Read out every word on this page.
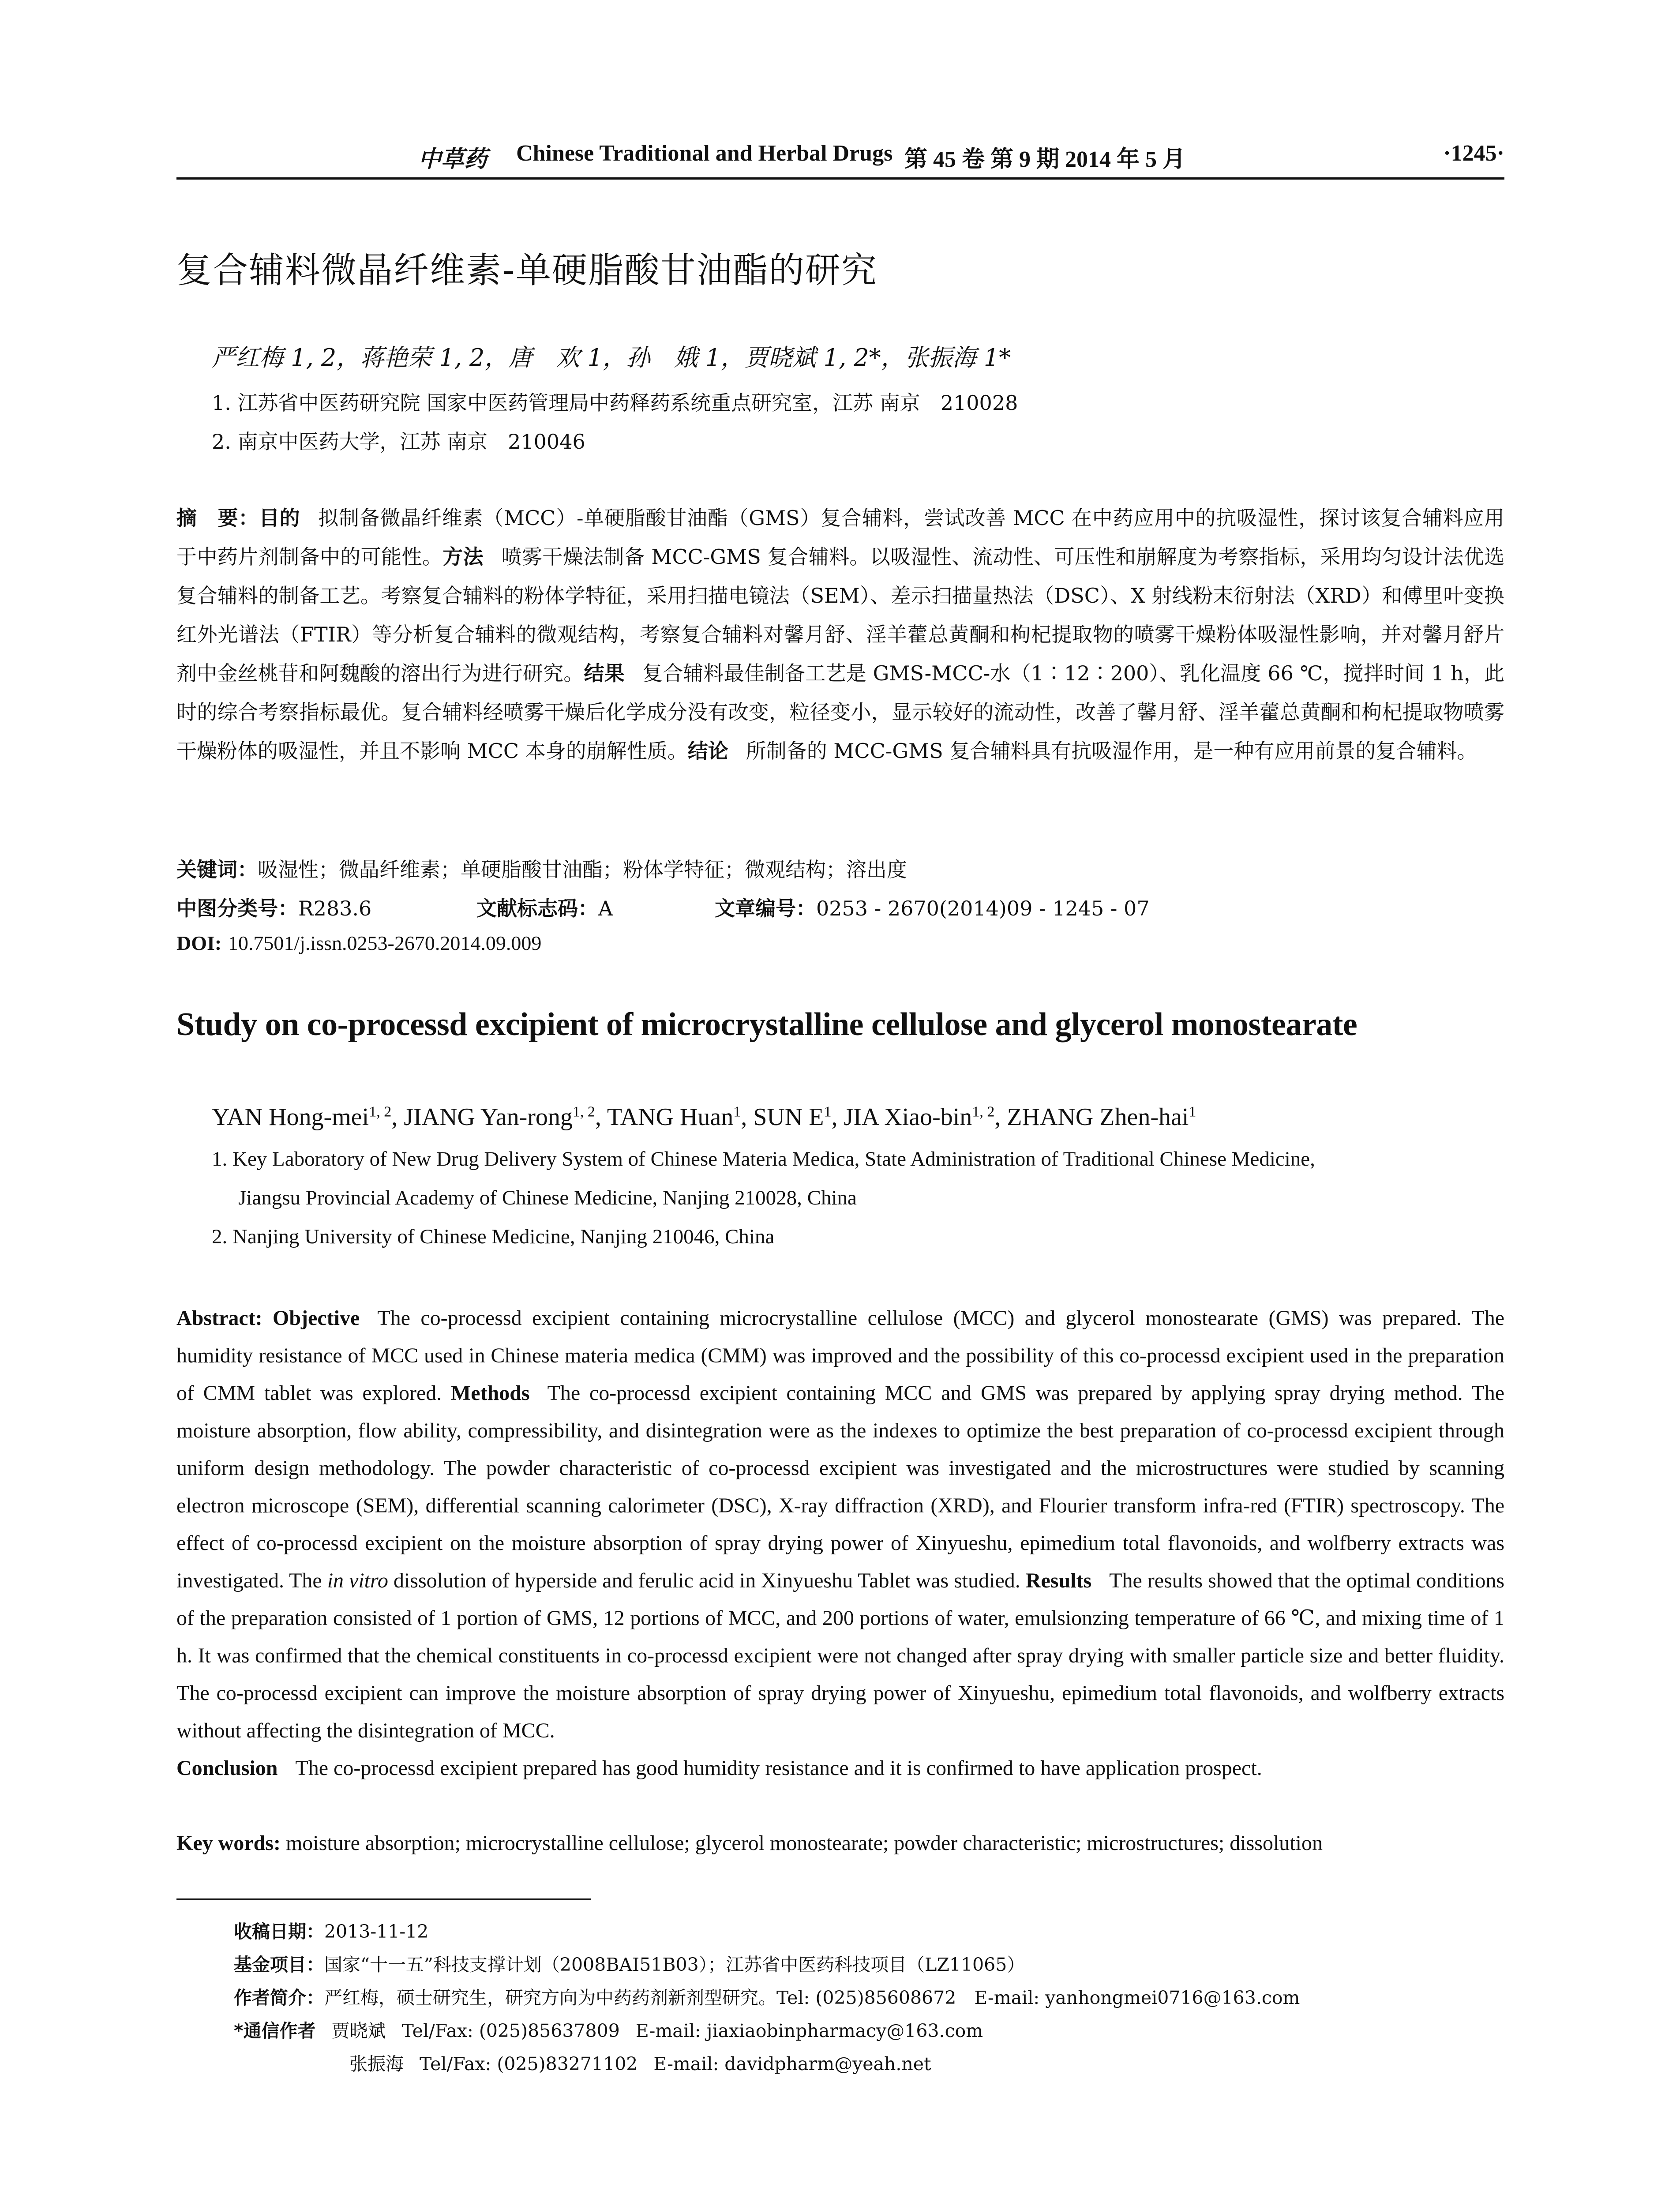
中草药 Chinese Traditional and Herbal Drugs 第 45 卷 第 9 期 2014 年 5 月	·1245·
复合辅料微晶纤维素-单硬脂酸甘油酯的研究
严红梅 1, 2，蒋艳荣 1, 2，唐　欢 1，孙　娥 1，贾晓斌 1, 2*，张振海 1*
1. 江苏省中医药研究院 国家中医药管理局中药释药系统重点研究室，江苏 南京　210028
2. 南京中医药大学，江苏 南京　210046
摘　要：目的 拟制备微晶纤维素（MCC）-单硬脂酸甘油酯（GMS）复合辅料，尝试改善 MCC 在中药应用中的抗吸湿性，探讨该复合辅料应用于中药片剂制备中的可能性。方法 喷雾干燥法制备 MCC-GMS 复合辅料。以吸湿性、流动性、可压性和崩解度为考察指标，采用均匀设计法优选复合辅料的制备工艺。考察复合辅料的粉体学特征，采用扫描电镜法（SEM）、差示扫描量热法（DSC）、X 射线粉末衍射法（XRD）和傅里叶变换红外光谱法（FTIR）等分析复合辅料的微观结构，考察复合辅料对馨月舒、淫羊藿总黄酮和枸杞提取物的喷雾干燥粉体吸湿性影响，并对馨月舒片剂中金丝桃苷和阿魏酸的溶出行为进行研究。结果 复合辅料最佳制备工艺是 GMS-MCC-水（1∶12∶200）、乳化温度 66 ℃，搅拌时间 1 h，此时的综合考察指标最优。复合辅料经喷雾干燥后化学成分没有改变，粒径变小，显示较好的流动性，改善了馨月舒、淫羊藿总黄酮和枸杞提取物喷雾干燥粉体的吸湿性，并且不影响 MCC 本身的崩解性质。结论 所制备的 MCC-GMS 复合辅料具有抗吸湿作用，是一种有应用前景的复合辅料。
关键词：吸湿性；微晶纤维素；单硬脂酸甘油酯；粉体学特征；微观结构；溶出度
中图分类号：R283.6	文献标志码：A	文章编号：0253 - 2670(2014)09 - 1245 - 07
DOI: 10.7501/j.issn.0253-2670.2014.09.009
Study on co-processd excipient of microcrystalline cellulose and glycerol monostearate
YAN Hong-mei$^{1, 2}$, JIANG Yan-rong$^{1, 2}$, TANG Huan$^1$, SUN $E^1$, JIA Xiao-bin$^{1, 2}$, ZHANG Zhen-hai$^1$
1. Key Laboratory of New Drug Delivery System of Chinese Materia Medica, State Administration of Traditional Chinese Medicine,
Jiangsu Provincial Academy of Chinese Medicine, Nanjing 210028, China
2. Nanjing University of Chinese Medicine, Nanjing 210046, China
Abstract: Objective The co-processd excipient containing microcrystalline cellulose (MCC) and glycerol monostearate (GMS) was prepared. The humidity resistance of MCC used in Chinese materia medica (CMM) was improved and the possibility of this co-processd excipient used in the preparation of CMM tablet was explored. Methods The co-processd excipient containing MCC and GMS was prepared by applying spray drying method. The moisture absorption, flow ability, compressibility, and disintegration were as the indexes to optimize the best preparation of co-processd excipient through uniform design methodology. The powder characteristic of co-processd excipient was investigated and the microstructures were studied by scanning electron microscope (SEM), differential scanning calorimeter (DSC), X-ray diffraction (XRD), and Flourier transform infra-red (FTIR) spectroscopy. The effect of co-processd excipient on the moisture absorption of spray drying power of Xinyueshu, epimedium total flavonoids, and wolfberry extracts was investigated. The in vitro dissolution of hyperside and ferulic acid in Xinyueshu Tablet was studied. Results The results showed that the optimal conditions of the preparation consisted of 1 portion of GMS, 12 portions of MCC, and 200 portions of water, emulsionzing temperature of 66 ℃, and mixing time of 1 h. It was confirmed that the chemical constituents in co-processd excipient were not changed after spray drying with smaller particle size and better fluidity. The co-processd excipient can improve the moisture absorption of spray drying power of Xinyueshu, epimedium total flavonoids, and wolfberry extracts without affecting the disintegration of MCC.
Conclusion The co-processd excipient prepared has good humidity resistance and it is confirmed to have application prospect.
Key words: moisture absorption; microcrystalline cellulose; glycerol monostearate; powder characteristic; microstructures; dissolution
收稿日期：2013-11-12
基金项目：国家“十一五”科技支撑计划（2008BAI51B03）；江苏省中医药科技项目（LZ11065）
作者简介：严红梅，硕士研究生，研究方向为中药药剂新剂型研究。Tel: (025)85608672　E-mail: yanhongmei0716@163.com
*通信作者 贾晓斌 Tel/Fax: (025)85637809 E-mail: jiaxiaobinpharmacy@163.com
张振海 Tel/Fax: (025)83271102 E-mail: davidpharm@yeah.net
